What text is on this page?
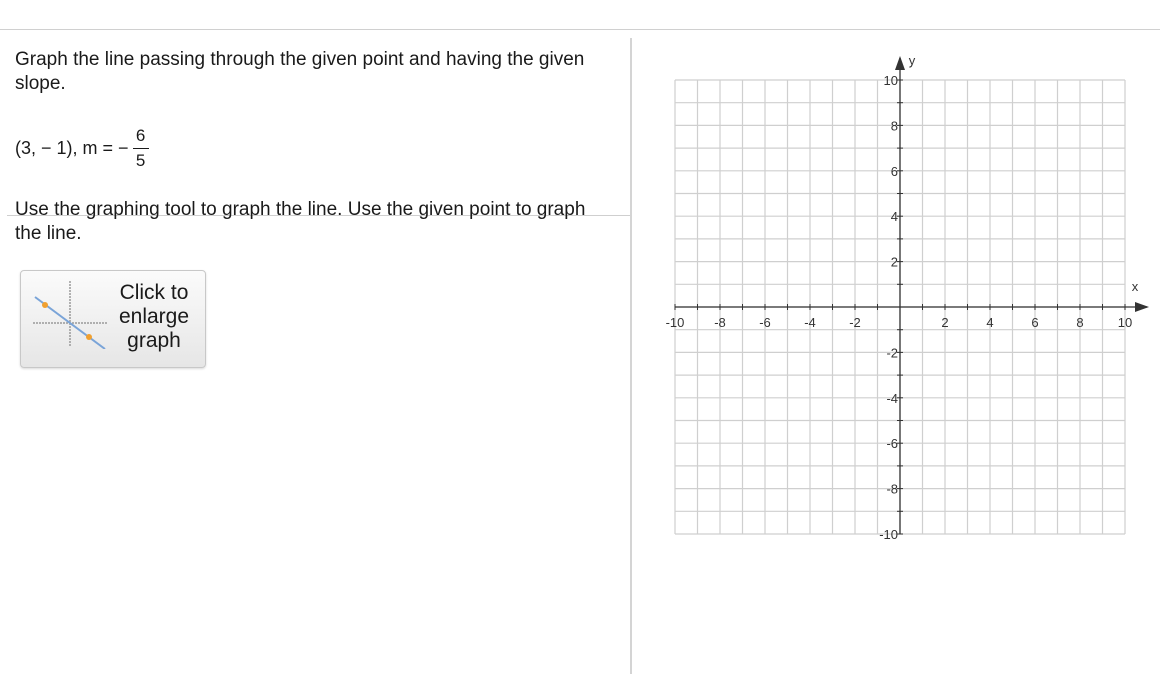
Graph the line passing through the given point and having the given slope.

(3, − 1), m = − $\frac{6}{5}$

Use the graphing tool to graph the line. Use the given point to graph the line.

Click to
enlarge
graph
-10 -8	-6	-4	-2	2	4	6	8	10
-10
-8
-6
-4
-2
2
4
6
8
10
x
y
